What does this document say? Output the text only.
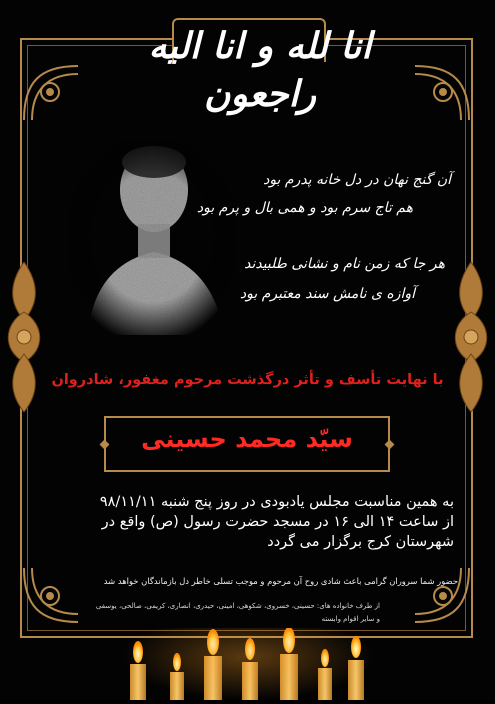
انا لله و انا الیه راجعون
آن گنج نهان در دل خانه پدرم بود
هم تاج سرم بود و همی بال و پرم بود
هر جا که زمن نام و نشانی طلبیدند
آوازه ی نامش سند معتبرم بود
با نهایت تأسف و تأثر درگذشت مرحوم مغفور، شادروان
سیّد محمد حسینی
به همین مناسبت مجلس یادبودی در روز پنج شنبه ۹۸/۱۱/۱۱
از ساعت ۱۴ الی ۱۶ در مسجد حضرت رسول (ص) واقع در
شهرستان کرج برگزار می گردد
حضور شما سروران گرامی باعث شادی روح آن مرحوم و موجب تسلی خاطر دل بازماندگان خواهد شد
از طرف خانواده های: حسینی، خسروی، شکوهی، امینی، حیدری، انصاری، کریمی، صالحی، یوسفی
و سایر اقوام وابسته
